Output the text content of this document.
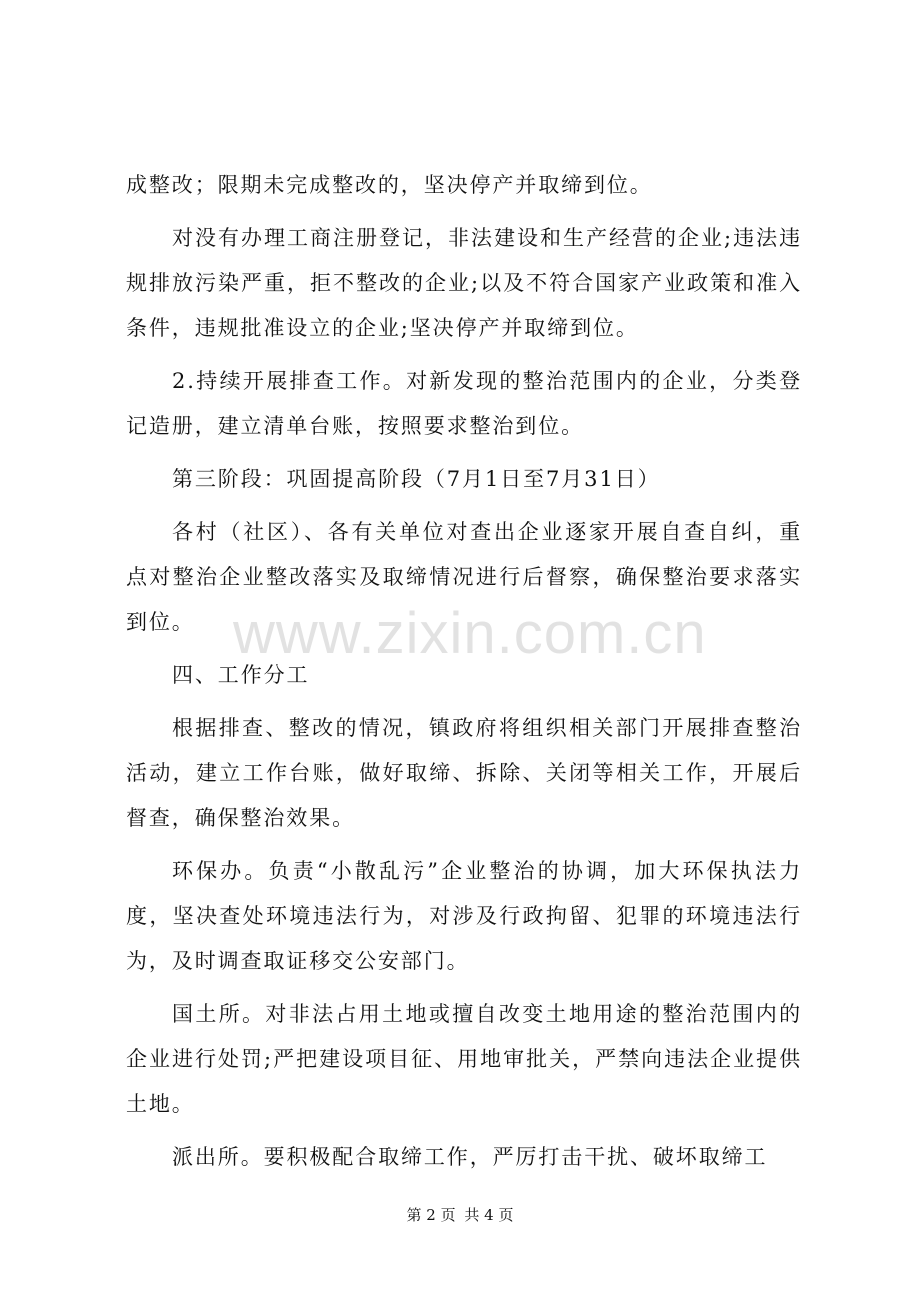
成整改；限期未完成整改的，坚决停产并取缔到位。

对没有办理工商注册登记，非法建设和生产经营的企业;违法违规排放污染严重，拒不整改的企业;以及不符合国家产业政策和准入条件，违规批准设立的企业;坚决停产并取缔到位。

2.持续开展排查工作。对新发现的整治范围内的企业，分类登记造册，建立清单台账，按照要求整治到位。

第三阶段：巩固提高阶段（7月1日至7月31日）

各村（社区）、各有关单位对查出企业逐家开展自查自纠，重点对整治企业整改落实及取缔情况进行后督察，确保整治要求落实到位。

四、工作分工

根据排查、整改的情况，镇政府将组织相关部门开展排查整治活动，建立工作台账，做好取缔、拆除、关闭等相关工作，开展后督查，确保整治效果。

环保办。负责“小散乱污”企业整治的协调，加大环保执法力度，坚决查处环境违法行为，对涉及行政拘留、犯罪的环境违法行为，及时调查取证移交公安部门。

国土所。对非法占用土地或擅自改变土地用途的整治范围内的企业进行处罚;严把建设项目征、用地审批关，严禁向违法企业提供土地。

派出所。要积极配合取缔工作，严厉打击干扰、破坏取缔工

www.zixin.com.cn
第 2 页 共 4 页
